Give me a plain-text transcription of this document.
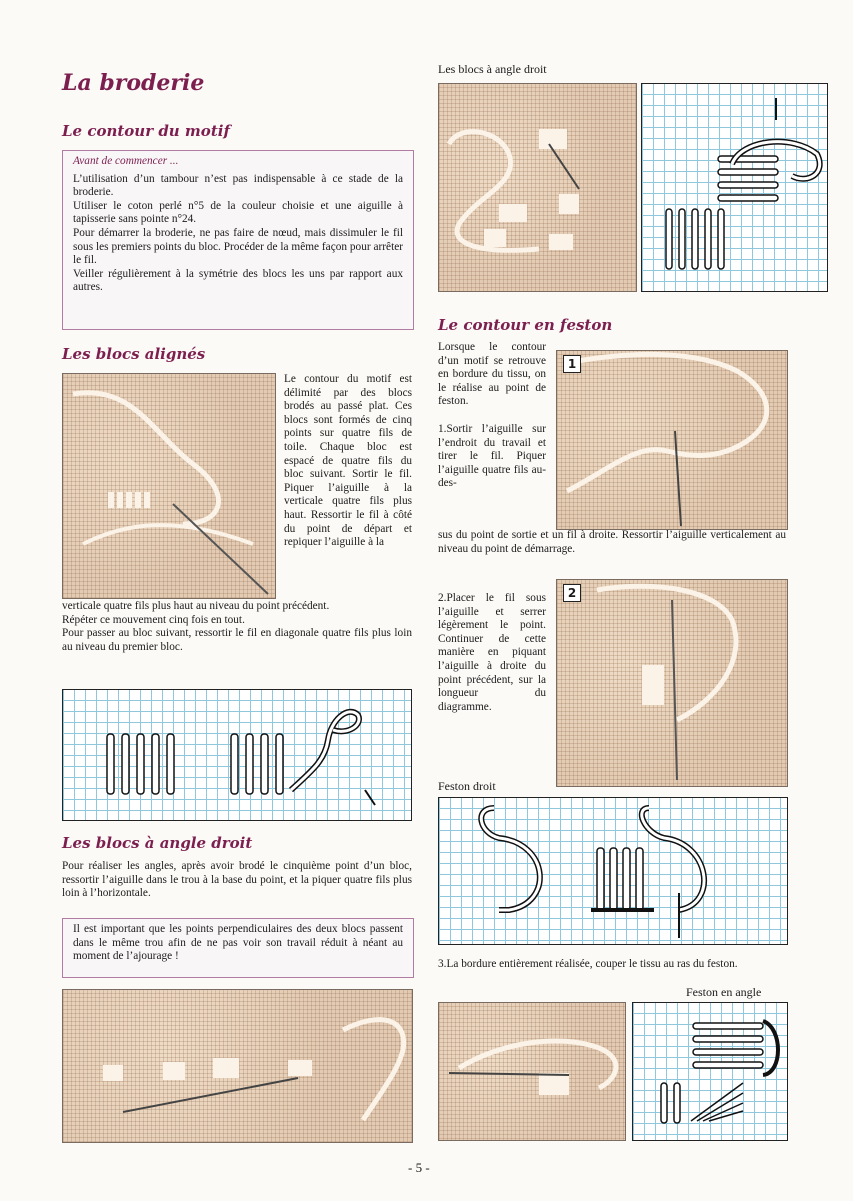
La broderie
Le contour du motif
Avant de commencer ...

L’utilisation d’un tambour n’est pas indispensable à ce stade de la broderie.

Utiliser le coton perlé n°5 de la couleur choisie et une aiguille à tapisserie sans pointe n°24.

Pour démarrer la broderie, ne pas faire de nœud, mais dissimuler le fil sous les premiers points du bloc. Procéder de la même façon pour arrêter le fil.

Veiller régulièrement à la symétrie des blocs les uns par rapport aux autres.

Les blocs alignés
Le contour du motif est délimité par des blocs brodés au passé plat. Ces blocs sont formés de cinq points sur quatre fils de toile. Chaque bloc est espacé de quatre fils du bloc suivant. Sortir le fil. Piquer l’aiguille à la verticale quatre fils plus haut. Ressortir le fil à côté du point de départ et repiquer l’aiguille à la

verticale quatre fils plus haut au niveau du point précédent.

Répéter ce mouvement cinq fois en tout.

Pour passer au bloc suivant, ressortir le fil en diagonale quatre fils plus loin au niveau du premier bloc.

Les blocs à angle droit
Pour réaliser les angles, après avoir brodé le cinquième point d’un bloc, ressortir l’aiguille dans le trou à la base du point, et la piquer quatre fils plus loin à l’horizontale.
Il est important que les points perpendiculaires des deux blocs passent dans le même trou afin de ne pas voir son travail réduit à néant au moment de l’ajourage !
Les blocs à angle droit
Le contour en feston

Lorsque le contour d’un motif se retrouve en bordure du tissu, on le réalise au point de feston.

1.Sortir l’aiguille sur l’endroit du travail et tirer le fil. Piquer l’aiguille quatre fils au-des-

1
sus du point de sortie et un fil à droite. Ressortir l’aiguille verticalement au niveau du point de démarrage.
2.Placer le fil sous l’aiguille et serrer légèrement le point. Continuer de cette manière en piquant l’aiguille à droite du point précédent, sur la longueur du diagramme.
2
Feston droit
3.La bordure entièrement réalisée, couper le tissu au ras du feston.
Feston en angle
- 5 -
